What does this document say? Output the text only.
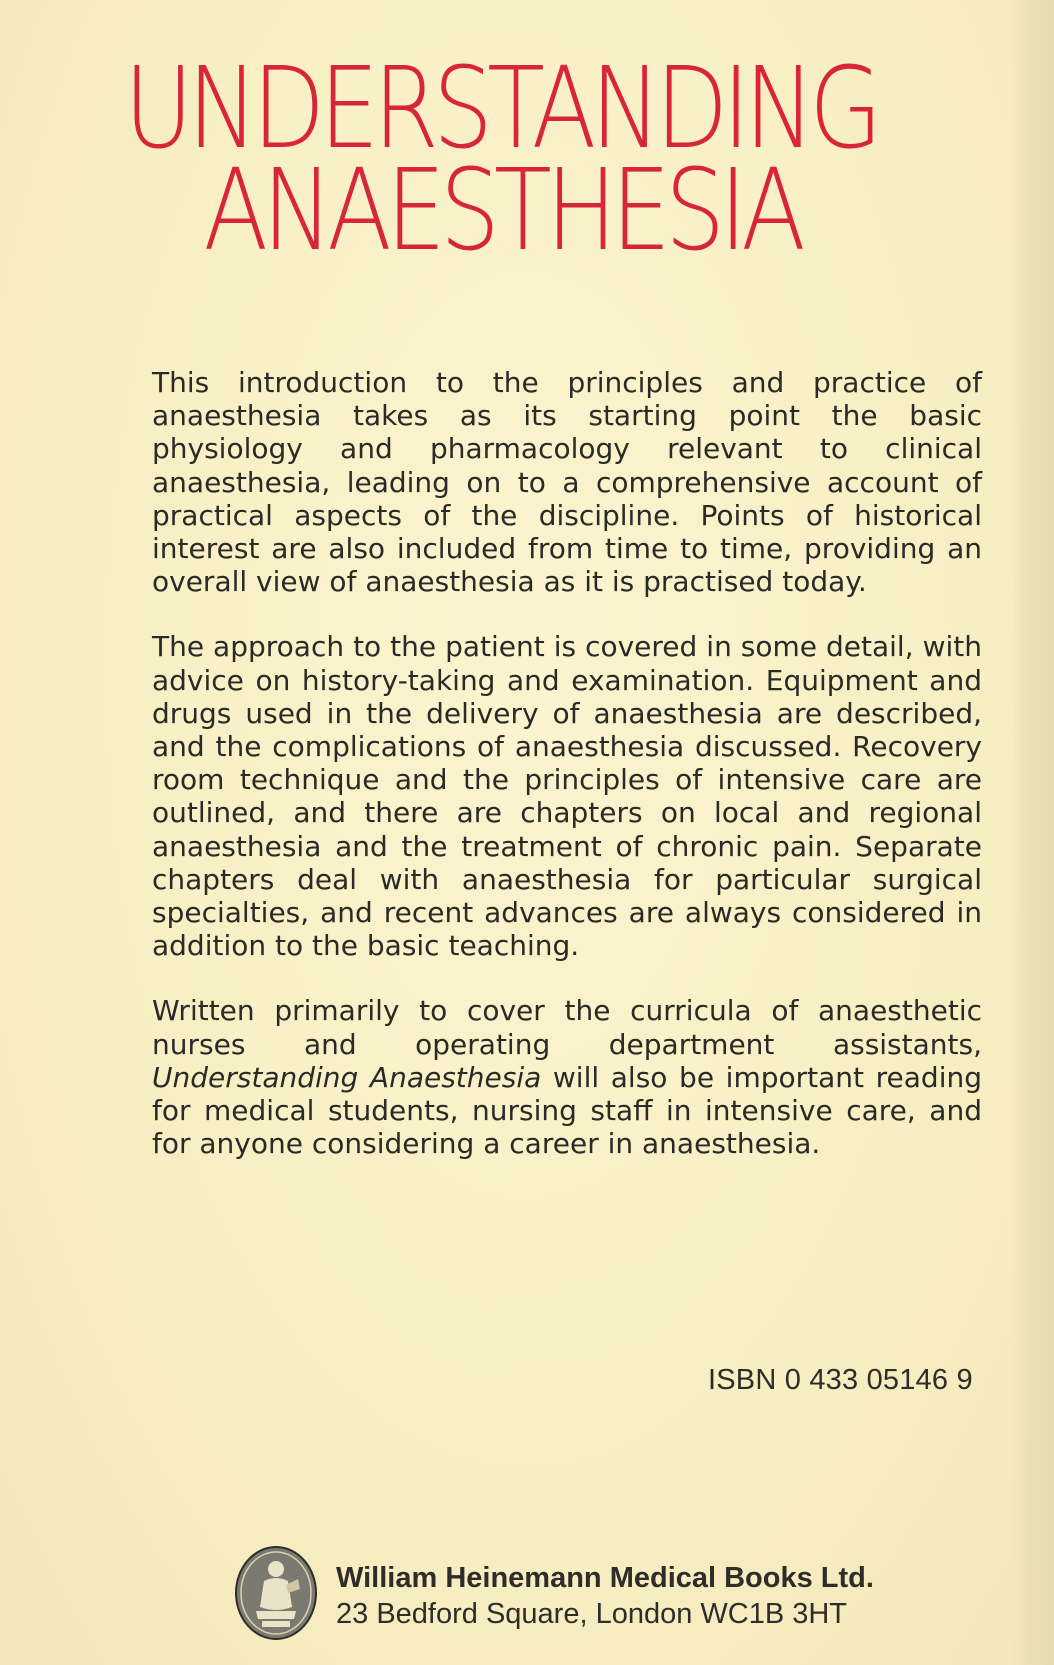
UNDERSTANDING
ANAESTHESIA

This introduction to the principles and practice of anaesthesia takes as its starting point the basic physiology and pharmacology relevant to clinical anaesthesia, leading on to a comprehensive account of practical aspects of the discipline. Points of historical interest are also included from time to time, providing an overall view of anaesthesia as it is practised today.

The approach to the patient is covered in some detail, with advice on history-taking and examination. Equipment and drugs used in the delivery of anaesthesia are described, and the complications of anaesthesia discussed. Recovery room technique and the principles of intensive care are outlined, and there are chapters on local and regional anaesthesia and the treatment of chronic pain. Separate chapters deal with anaesthesia for particular surgical specialties, and recent advances are always considered in addition to the basic teaching.

Written primarily to cover the curricula of anaesthetic nurses and operating department assistants, Understanding Anaesthesia will also be important reading for medical students, nursing staff in intensive care, and for anyone considering a career in anaesthesia.

ISBN 0 433 05146 9
William Heinemann Medical Books Ltd.
23 Bedford Square, London WC1B 3HT
